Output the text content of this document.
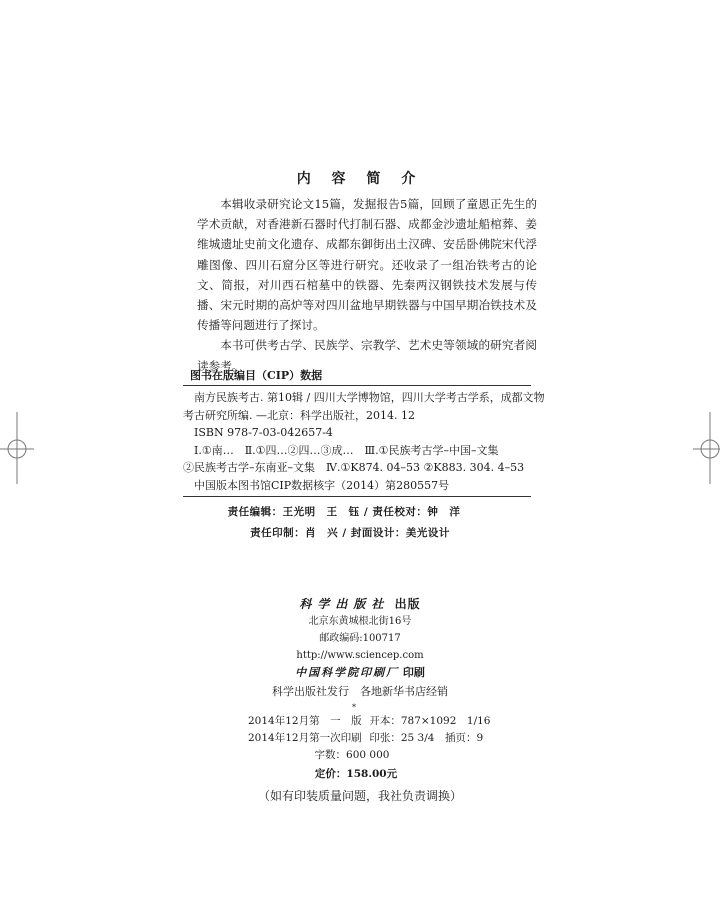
内 容 简 介

本辑收录研究论文15篇，发掘报告5篇，回顾了童恩正先生的学术贡献，对香港新石器时代打制石器、成都金沙遗址船棺葬、姜维城遗址史前文化遗存、成都东御街出土汉碑、安岳卧佛院宋代浮雕图像、四川石窟分区等进行研究。还收录了一组冶铁考古的论文、简报，对川西石棺墓中的铁器、先秦两汉钢铁技术发展与传播、宋元时期的高炉等对四川盆地早期铁器与中国早期冶铁技术及传播等问题进行了探讨。

本书可供考古学、民族学、宗教学、艺术史等领域的研究者阅读参考。

图书在版编目（CIP）数据
南方民族考古. 第10辑 / 四川大学博物馆，四川大学考古学系，成都文物
考古研究所编. —北京：科学出版社，2014. 12
ISBN 978-7-03-042657-4
Ⅰ.①南…　Ⅱ.①四…②四…③成…　Ⅲ.①民族考古学–中国–文集
②民族考古学–东南亚–文集　Ⅳ.①K874. 04–53 ②K883. 304. 4–53
中国版本图书馆CIP数据核字（2014）第280557号
责任编辑：王光明　王　钰 / 责任校对：钟　洋
责任印制：肖　兴 / 封面设计：美光设计
科学出版社 出版
北京东黄城根北街16号
邮政编码:100717
http://www.sciencep.com
中国科学院印刷厂 印刷
科学出版社发行　各地新华书店经销
*
2014年12月第　一　版 开本：787×1092　1/16
2014年12月第一次印刷 印张：25 3/4　插页：9
字数：600 000
定价：158.00元
（如有印装质量问题，我社负责调换）
